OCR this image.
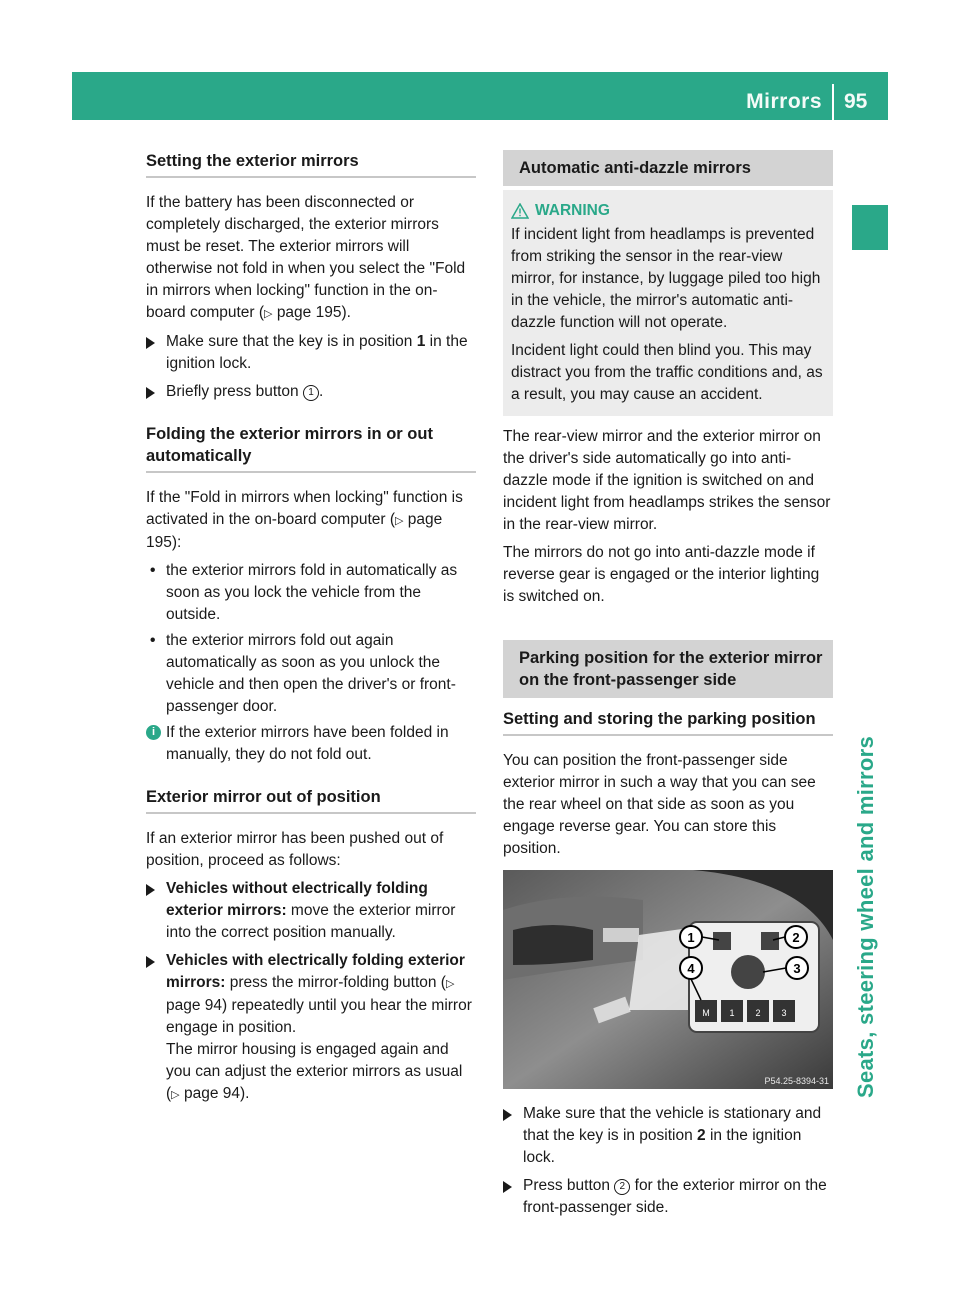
Mirrors 95
Seats, steering wheel and mirrors
Setting the exterior mirrors

If the battery has been disconnected or completely discharged, the exterior mirrors must be reset. The exterior mirrors will otherwise not fold in when you select the "Fold in mirrors when locking" function in the on-board computer (▷ page 195).

Make sure that the key is in position 1 in the ignition lock.
Briefly press button 1 .
Folding the exterior mirrors in or out automatically

If the "Fold in mirrors when locking" function is activated in the on-board computer (▷ page 195):

• the exterior mirrors fold in automatically as soon as you lock the vehicle from the outside.
• the exterior mirrors fold out again automatically as soon as you unlock the vehicle and then open the driver's or front-passenger door.
i If the exterior mirrors have been folded in manually, they do not fold out.
Exterior mirror out of position

If an exterior mirror has been pushed out of position, proceed as follows:

Vehicles without electrically folding exterior mirrors: move the exterior mirror into the correct position manually.
Vehicles with electrically folding exterior mirrors: press the mirror-folding button (▷ page 94) repeatedly until you hear the mirror engage in position.
The mirror housing is engaged again and you can adjust the exterior mirrors as usual (▷ page 94).
Automatic anti-dazzle mirrors
WARNING

If incident light from headlamps is prevented from striking the sensor in the rear-view mirror, for instance, by luggage piled too high in the vehicle, the mirror's automatic anti-dazzle function will not operate.

Incident light could then blind you. This may distract you from the traffic conditions and, as a result, you may cause an accident.

The rear-view mirror and the exterior mirror on the driver's side automatically go into anti-dazzle mode if the ignition is switched on and incident light from headlamps strikes the sensor in the rear-view mirror.

The mirrors do not go into anti-dazzle mode if reverse gear is engaged or the interior lighting is switched on.

Parking position for the exterior mirror on the front-passenger side
Setting and storing the parking position

You can position the front-passenger side exterior mirror in such a way that you can see the rear wheel on that side as soon as you engage reverse gear. You can store this position.

M 1 2 3
1	2
3
4
P54.25-8394-31
Make sure that the vehicle is stationary and that the key is in position 2 in the ignition lock.
Press button 2 for the exterior mirror on the front-passenger side.
